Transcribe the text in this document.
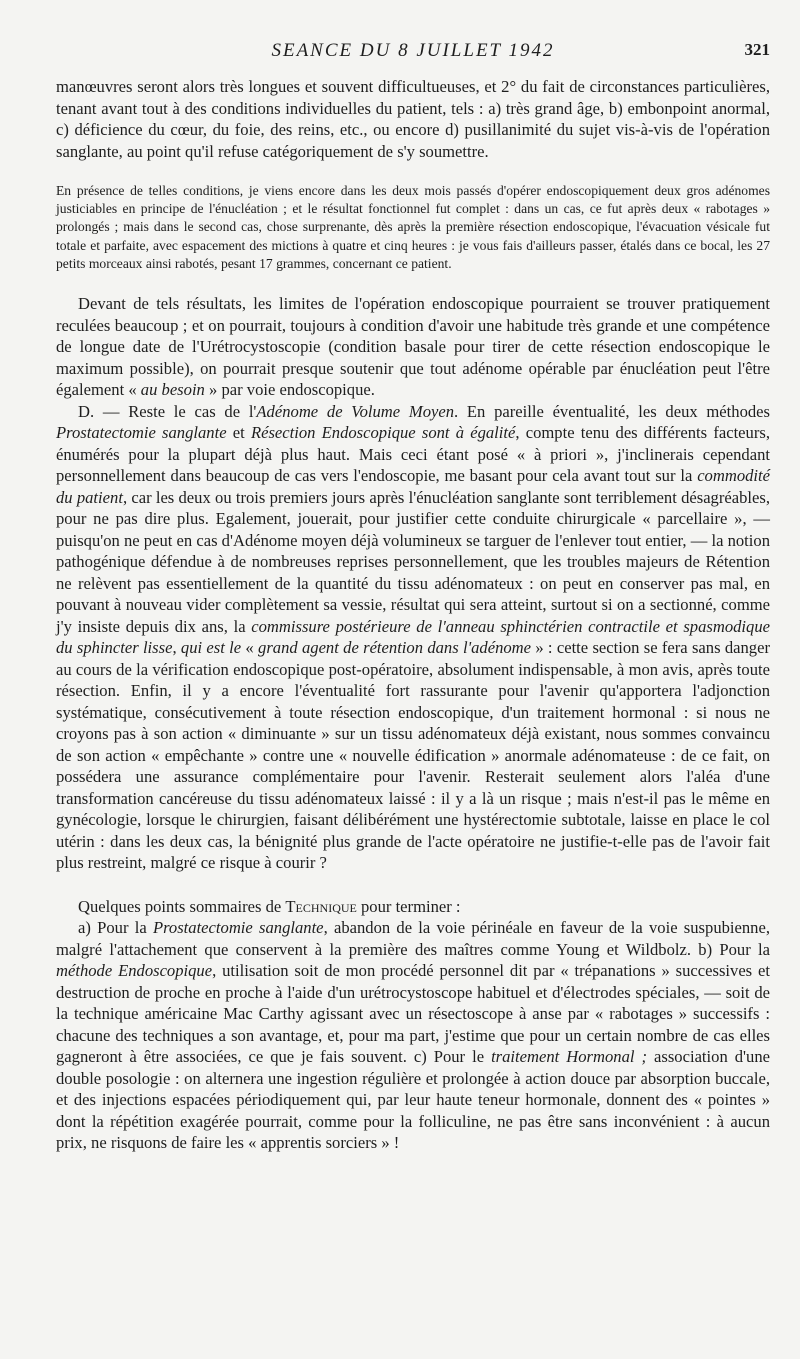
SEANCE DU 8 JUILLET 1942	321

manœuvres seront alors très longues et souvent difficultueuses, et 2° du fait de circonstances particulières, tenant avant tout à des conditions individuelles du patient, tels : a) très grand âge, b) embonpoint anormal, c) déficience du cœur, du foie, des reins, etc., ou encore d) pusillanimité du sujet vis-à-vis de l'opération sanglante, au point qu'il refuse catégoriquement de s'y soumettre.

En présence de telles conditions, je viens encore dans les deux mois passés d'opérer endoscopiquement deux gros adénomes justiciables en principe de l'énucléation ; et le résultat fonctionnel fut complet : dans un cas, ce fut après deux « rabotages » prolongés ; mais dans le second cas, chose surprenante, dès après la première résection endoscopique, l'évacuation vésicale fut totale et parfaite, avec espacement des mictions à quatre et cinq heures : je vous fais d'ailleurs passer, étalés dans ce bocal, les 27 petits morceaux ainsi rabotés, pesant 17 grammes, concernant ce patient.

Devant de tels résultats, les limites de l'opération endoscopique pourraient se trouver pratiquement reculées beaucoup ; et on pourrait, toujours à condition d'avoir une habitude très grande et une compétence de longue date de l'Urétrocystoscopie (condition basale pour tirer de cette résection endoscopique le maximum possible), on pourrait presque soutenir que tout adénome opérable par énucléation peut l'être également « au besoin » par voie endoscopique.

D. — Reste le cas de l'Adénome de Volume Moyen. En pareille éventualité, les deux méthodes Prostatectomie sanglante et Résection Endoscopique sont à égalité, compte tenu des différents facteurs, énumérés pour la plupart déjà plus haut. Mais ceci étant posé « à priori », j'inclinerais cependant personnellement dans beaucoup de cas vers l'endoscopie, me basant pour cela avant tout sur la commodité du patient, car les deux ou trois premiers jours après l'énucléation sanglante sont terriblement désagréables, pour ne pas dire plus. Egalement, jouerait, pour justifier cette conduite chirurgicale « parcellaire », — puisqu'on ne peut en cas d'Adénome moyen déjà volumineux se targuer de l'enlever tout entier, — la notion pathogénique défendue à de nombreuses reprises personnellement, que les troubles majeurs de Rétention ne relèvent pas essentiellement de la quantité du tissu adénomateux : on peut en conserver pas mal, en pouvant à nouveau vider complètement sa vessie, résultat qui sera atteint, surtout si on a sectionné, comme j'y insiste depuis dix ans, la commissure postérieure de l'anneau sphinctérien contractile et spasmodique du sphincter lisse, qui est le « grand agent de rétention dans l'adénome » : cette section se fera sans danger au cours de la vérification endoscopique post-opératoire, absolument indispensable, à mon avis, après toute résection. Enfin, il y a encore l'éventualité fort rassurante pour l'avenir qu'apportera l'adjonction systématique, consécutivement à toute résection endoscopique, d'un traitement hormonal : si nous ne croyons pas à son action « diminuante » sur un tissu adénomateux déjà existant, nous sommes convaincu de son action « empêchante » contre une « nouvelle édification » anormale adénomateuse : de ce fait, on possédera une assurance complémentaire pour l'avenir. Resterait seulement alors l'aléa d'une transformation cancéreuse du tissu adénomateux laissé : il y a là un risque ; mais n'est-il pas le même en gynécologie, lorsque le chirurgien, faisant délibérément une hystérectomie subtotale, laisse en place le col utérin : dans les deux cas, la bénignité plus grande de l'acte opératoire ne justifie-t-elle pas de l'avoir fait plus restreint, malgré ce risque à courir ?

Quelques points sommaires de Technique pour terminer :

a) Pour la Prostatectomie sanglante, abandon de la voie périnéale en faveur de la voie suspubienne, malgré l'attachement que conservent à la première des maîtres comme Young et Wildbolz. b) Pour la méthode Endoscopique, utilisation soit de mon procédé personnel dit par « trépanations » successives et destruction de proche en proche à l'aide d'un urétrocystoscope habituel et d'électrodes spéciales, — soit de la technique américaine Mac Carthy agissant avec un résectoscope à anse par « rabotages » successifs : chacune des techniques a son avantage, et, pour ma part, j'estime que pour un certain nombre de cas elles gagneront à être associées, ce que je fais souvent. c) Pour le traitement Hormonal ; association d'une double posologie : on alternera une ingestion régulière et prolongée à action douce par absorption buccale, et des injections espacées périodiquement qui, par leur haute teneur hormonale, donnent des « pointes » dont la répétition exagérée pourrait, comme pour la folliculine, ne pas être sans inconvénient : à aucun prix, ne risquons de faire les « apprentis sorciers » !
